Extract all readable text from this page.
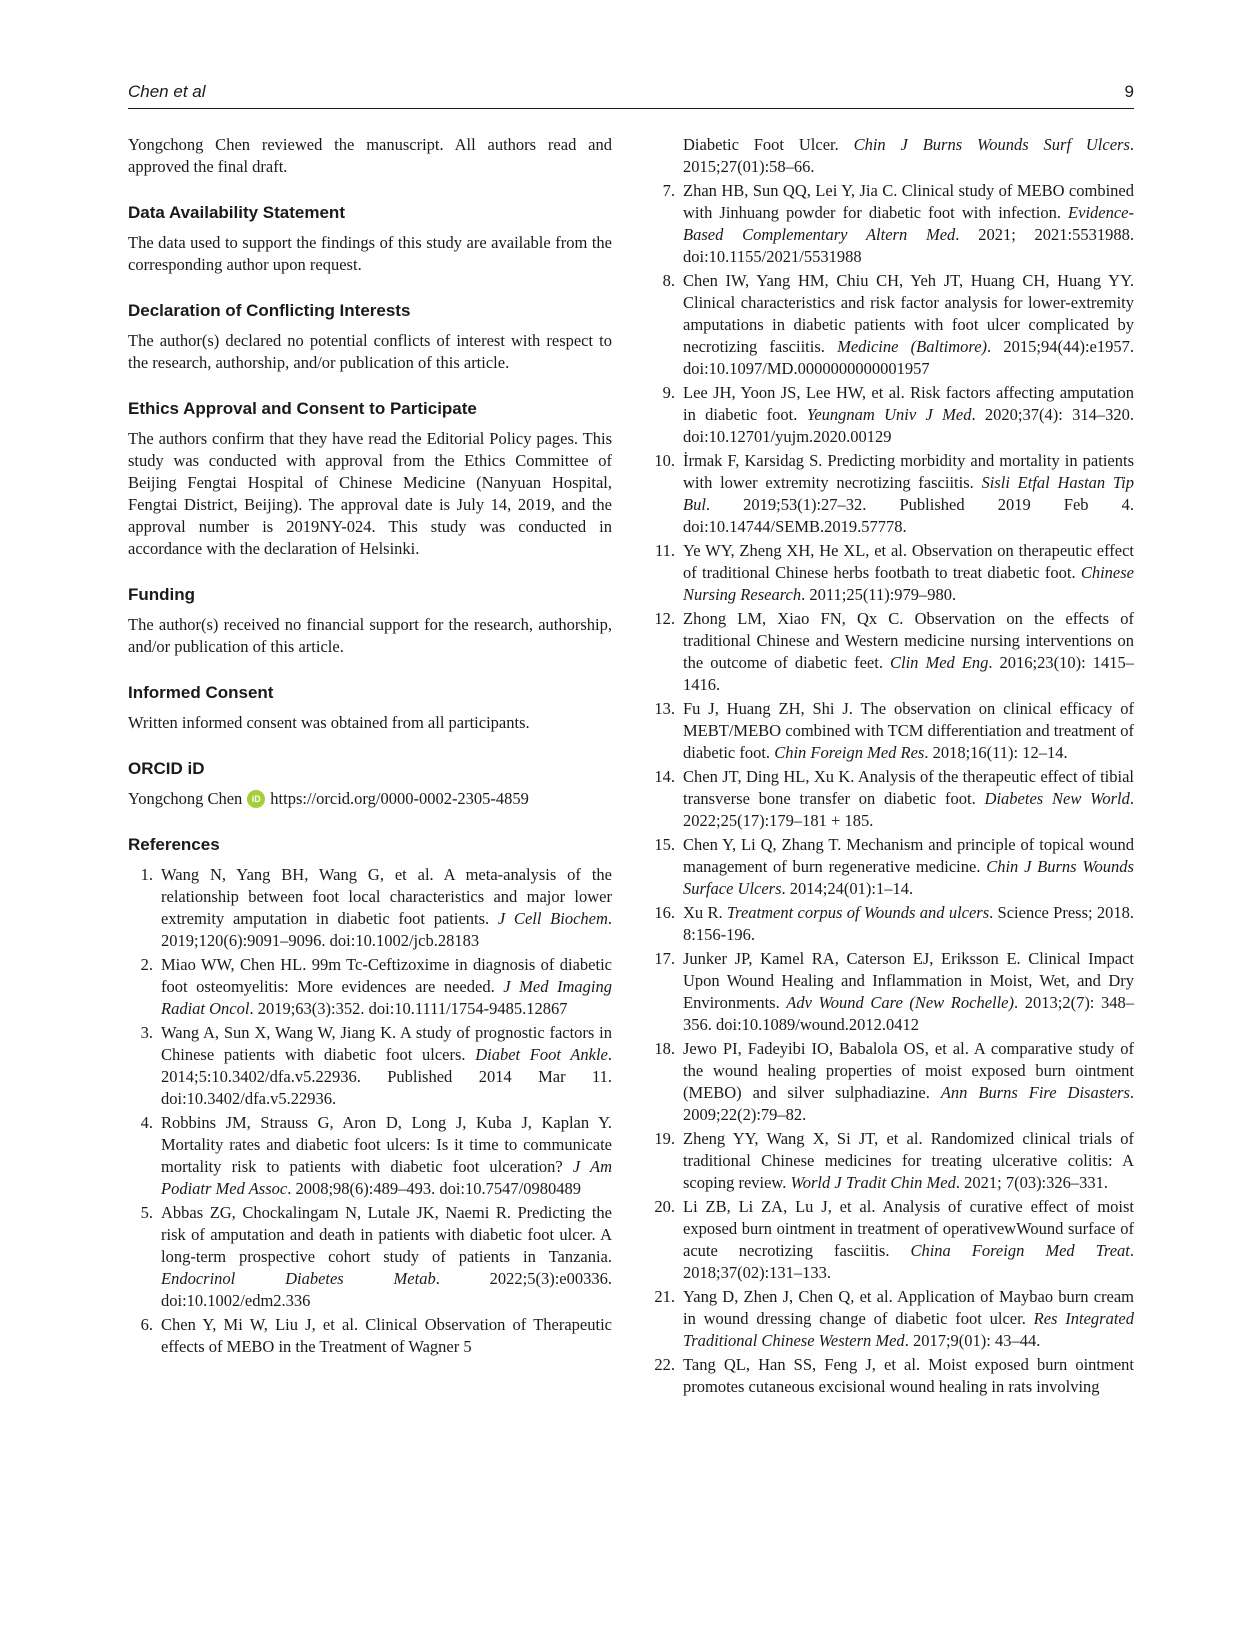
Chen et al	9

Yongchong Chen reviewed the manuscript. All authors read and approved the final draft.

Data Availability Statement

The data used to support the findings of this study are available from the corresponding author upon request.

Declaration of Conflicting Interests

The author(s) declared no potential conflicts of interest with respect to the research, authorship, and/or publication of this article.

Ethics Approval and Consent to Participate

The authors confirm that they have read the Editorial Policy pages. This study was conducted with approval from the Ethics Committee of Beijing Fengtai Hospital of Chinese Medicine (Nanyuan Hospital, Fengtai District, Beijing). The approval date is July 14, 2019, and the approval number is 2019NY-024. This study was conducted in accordance with the declaration of Helsinki.

Funding

The author(s) received no financial support for the research, authorship, and/or publication of this article.

Informed Consent

Written informed consent was obtained from all participants.

ORCID iD
Yongchong Chen	iD https://orcid.org/0000-0002-2305-4859
References
1. Wang N, Yang BH, Wang G, et al. A meta-analysis of the relationship between foot local characteristics and major lower extremity amputation in diabetic foot patients. J Cell Biochem. 2019;120(6):9091–9096. doi:10.1002/jcb.28183
2. Miao WW, Chen HL. 99m Tc-Ceftizoxime in diagnosis of diabetic foot osteomyelitis: More evidences are needed. J Med Imaging Radiat Oncol. 2019;63(3):352. doi:10.1111/1754-9485.12867
3. Wang A, Sun X, Wang W, Jiang K. A study of prognostic factors in Chinese patients with diabetic foot ulcers. Diabet Foot Ankle. 2014;5:10.3402/dfa.v5.22936. Published 2014 Mar 11. doi:10.3402/dfa.v5.22936.
4. Robbins JM, Strauss G, Aron D, Long J, Kuba J, Kaplan Y. Mortality rates and diabetic foot ulcers: Is it time to communicate mortality risk to patients with diabetic foot ulceration? J Am Podiatr Med Assoc. 2008;98(6):489–493. doi:10.7547/0980489
5. Abbas ZG, Chockalingam N, Lutale JK, Naemi R. Predicting the risk of amputation and death in patients with diabetic foot ulcer. A long-term prospective cohort study of patients in Tanzania. Endocrinol Diabetes Metab. 2022;5(3):e00336. doi:10.1002/edm2.336
6. Chen Y, Mi W, Liu J, et al. Clinical Observation of Therapeutic effects of MEBO in the Treatment of Wagner 5
Diabetic Foot Ulcer. Chin J Burns Wounds Surf Ulcers. 2015;27(01):58–66.
7. Zhan HB, Sun QQ, Lei Y, Jia C. Clinical study of MEBO combined with Jinhuang powder for diabetic foot with infection. Evidence-Based Complementary Altern Med. 2021; 2021:5531988. doi:10.1155/2021/5531988
8. Chen IW, Yang HM, Chiu CH, Yeh JT, Huang CH, Huang YY. Clinical characteristics and risk factor analysis for lower-extremity amputations in diabetic patients with foot ulcer complicated by necrotizing fasciitis. Medicine (Baltimore). 2015;94(44):e1957. doi:10.1097/MD.0000000000001957
9. Lee JH, Yoon JS, Lee HW, et al. Risk factors affecting amputation in diabetic foot. Yeungnam Univ J Med. 2020;37(4): 314–320. doi:10.12701/yujm.2020.00129
10. İrmak F, Karsidag S. Predicting morbidity and mortality in patients with lower extremity necrotizing fasciitis. Sisli Etfal Hastan Tip Bul. 2019;53(1):27–32. Published 2019 Feb 4. doi:10.14744/SEMB.2019.57778.
11. Ye WY, Zheng XH, He XL, et al. Observation on therapeutic effect of traditional Chinese herbs footbath to treat diabetic foot. Chinese Nursing Research. 2011;25(11):979–980.
12. Zhong LM, Xiao FN, Qx C. Observation on the effects of traditional Chinese and Western medicine nursing interventions on the outcome of diabetic feet. Clin Med Eng. 2016;23(10): 1415–1416.
13. Fu J, Huang ZH, Shi J. The observation on clinical efficacy of MEBT/MEBO combined with TCM differentiation and treatment of diabetic foot. Chin Foreign Med Res. 2018;16(11): 12–14.
14. Chen JT, Ding HL, Xu K. Analysis of the therapeutic effect of tibial transverse bone transfer on diabetic foot. Diabetes New World. 2022;25(17):179–181 + 185.
15. Chen Y, Li Q, Zhang T. Mechanism and principle of topical wound management of burn regenerative medicine. Chin J Burns Wounds Surface Ulcers. 2014;24(01):1–14.
16. Xu R. Treatment corpus of Wounds and ulcers. Science Press; 2018. 8:156-196.
17. Junker JP, Kamel RA, Caterson EJ, Eriksson E. Clinical Impact Upon Wound Healing and Inflammation in Moist, Wet, and Dry Environments. Adv Wound Care (New Rochelle). 2013;2(7): 348–356. doi:10.1089/wound.2012.0412
18. Jewo PI, Fadeyibi IO, Babalola OS, et al. A comparative study of the wound healing properties of moist exposed burn ointment (MEBO) and silver sulphadiazine. Ann Burns Fire Disasters. 2009;22(2):79–82.
19. Zheng YY, Wang X, Si JT, et al. Randomized clinical trials of traditional Chinese medicines for treating ulcerative colitis: A scoping review. World J Tradit Chin Med. 2021; 7(03):326–331.
20. Li ZB, Li ZA, Lu J, et al. Analysis of curative effect of moist exposed burn ointment in treatment of operativewWound surface of acute necrotizing fasciitis. China Foreign Med Treat. 2018;37(02):131–133.
21. Yang D, Zhen J, Chen Q, et al. Application of Maybao burn cream in wound dressing change of diabetic foot ulcer. Res Integrated Traditional Chinese Western Med. 2017;9(01): 43–44.
22. Tang QL, Han SS, Feng J, et al. Moist exposed burn ointment promotes cutaneous excisional wound healing in rats involving
